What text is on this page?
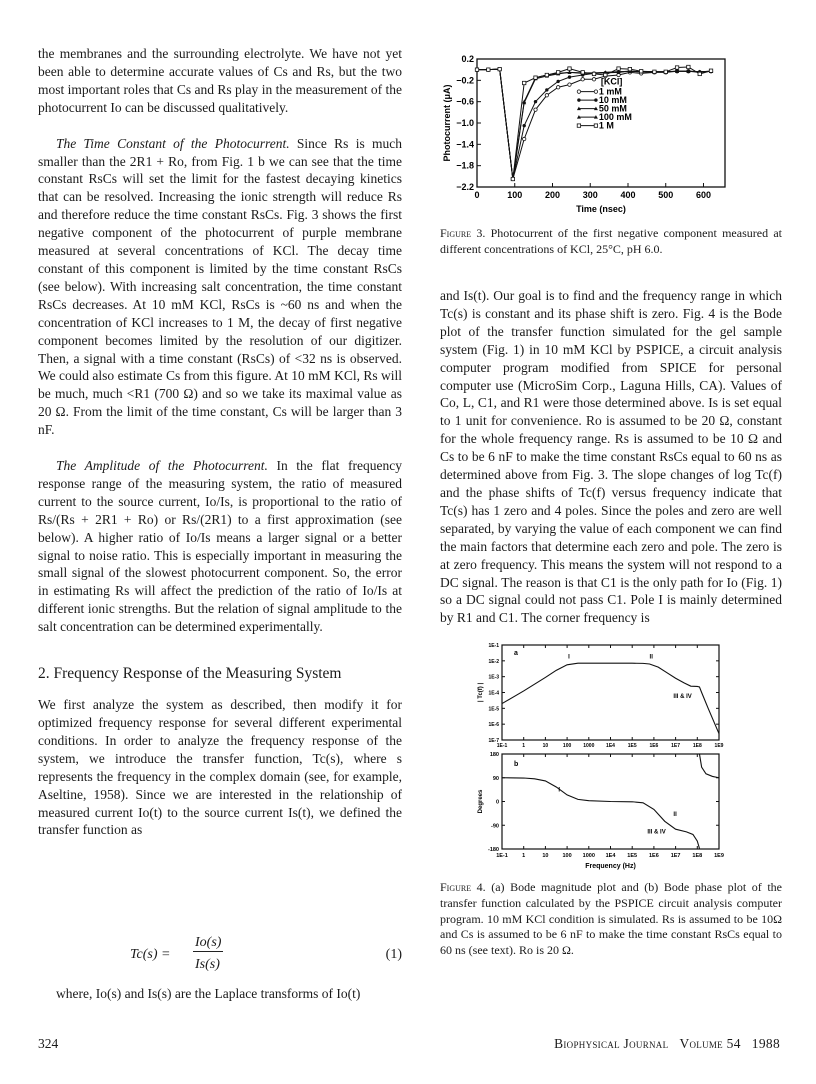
the membranes and the surrounding electrolyte. We have not yet been able to determine accurate values of Cs and Rs, but the two most important roles that Cs and Rs play in the measurement of the photocurrent Io can be discussed qualitatively.

The Time Constant of the Photocurrent. Since Rs is much smaller than the 2R1 + Ro, from Fig. 1 b we can see that the time constant RsCs will set the limit for the fastest decaying kinetics that can be resolved. Increasing the ionic strength will reduce Rs and therefore reduce the time constant RsCs. Fig. 3 shows the first negative component of the photocurrent of purple membrane measured at several concentrations of KCl. The decay time constant of this component is limited by the time constant RsCs (see below). With increasing salt concentration, the time constant RsCs decreases. At 10 mM KCl, RsCs is ~60 ns and when the concentration of KCl increases to 1 M, the decay of first negative component becomes limited by the resolution of our digitizer. Then, a signal with a time constant (RsCs) of <32 ns is observed. We could also estimate Cs from this figure. At 10 mM KCl, Rs will be much, much <R1 (700 Ω) and so we take its maximal value as 20 Ω. From the limit of the time constant, Cs will be larger than 3 nF.

The Amplitude of the Photocurrent. In the flat frequency response range of the measuring system, the ratio of measured current to the source current, Io/Is, is proportional to the ratio of Rs/(Rs + 2R1 + Ro) or Rs/(2R1) to a first approximation (see below). A higher ratio of Io/Is means a larger signal or a better signal to noise ratio. This is especially important in measuring the small signal of the slowest photocurrent component. So, the error in estimating Rs will affect the prediction of the ratio of Io/Is at different ionic strengths. But the relation of signal amplitude to the salt concentration can be determined experimentally.

2. Frequency Response of the Measuring System

We first analyze the system as described, then modify it for optimized frequency response for several different experimental conditions. In order to analyze the frequency response of the system, we introduce the transfer function, Tc(s), where s represents the frequency in the complex domain (see, for example, Aseltine, 1958). Since we are interested in the relationship of measured current Io(t) to the source current Is(t), we defined the transfer function as

Tc(s) =
Io(s)
Is(s)
(1)

where, Io(s) and Is(s) are the Laplace transforms of Io(t)

0	100	200	300	400	500	600
0.2
−0.2
−0.6
−1.0
−1.4
−1.8
−2.2
Time (nsec)
Photocurrent (μA)
[KCl]
1 mM
10 mM
50 mM
100 mM
1 M
Figure 3. Photocurrent of the first negative component measured at different concentrations of KCl, 25°C, pH 6.0.

and Is(t). Our goal is to find and the frequency range in which Tc(s) is constant and its phase shift is zero. Fig. 4 is the Bode plot of the transfer function simulated for the gel sample system (Fig. 1) in 10 mM KCl by PSPICE, a circuit analysis computer program modified from SPICE for personal computer use (MicroSim Corp., Laguna Hills, CA). Values of Co, L, C1, and R1 were those determined above. Is is set equal to 1 unit for convenience. Ro is assumed to be 20 Ω, constant for the whole frequency range. Rs is assumed to be 10 Ω and Cs to be 6 nF to make the time constant RsCs equal to 60 ns as determined above from Fig. 3. The slope changes of log Tc(f) and the phase shifts of Tc(f) versus frequency indicate that Tc(s) has 1 zero and 4 poles. Since the poles and zero are well separated, by varying the value of each component we can find the main factors that determine each zero and pole. The zero is at zero frequency. This means the system will not respond to a DC signal. The reason is that C1 is the only path for Io (Fig. 1) so a DC signal could not pass C1. Pole I is mainly determined by R1 and C1. The corner frequency is

1E-1
1E-1
1
1
10
10
100
100
1000
1000
1E4
1E4
1E5
1E5
1E6
1E6
1E7
1E7
1E8
1E8
1E9
1E9
1E-1
1E-2
1E-3
1E-4
1E-5
1E-6
1E-7
180
90
0
-90
-180
| Tc(f) |
Degrees
Frequency (Hz)
a
b
I	II
III & IV
I
II
III & IV
Figure 4. (a) Bode magnitude plot and (b) Bode phase plot of the transfer function calculated by the PSPICE circuit analysis computer program. 10 mM KCl condition is simulated. Rs is assumed to be 10Ω and Cs is assumed to be 6 nF to make the time constant RsCs equal to 60 ns (see text). Ro is 20 Ω.
324	Biophysical Journal Volume 54 1988
